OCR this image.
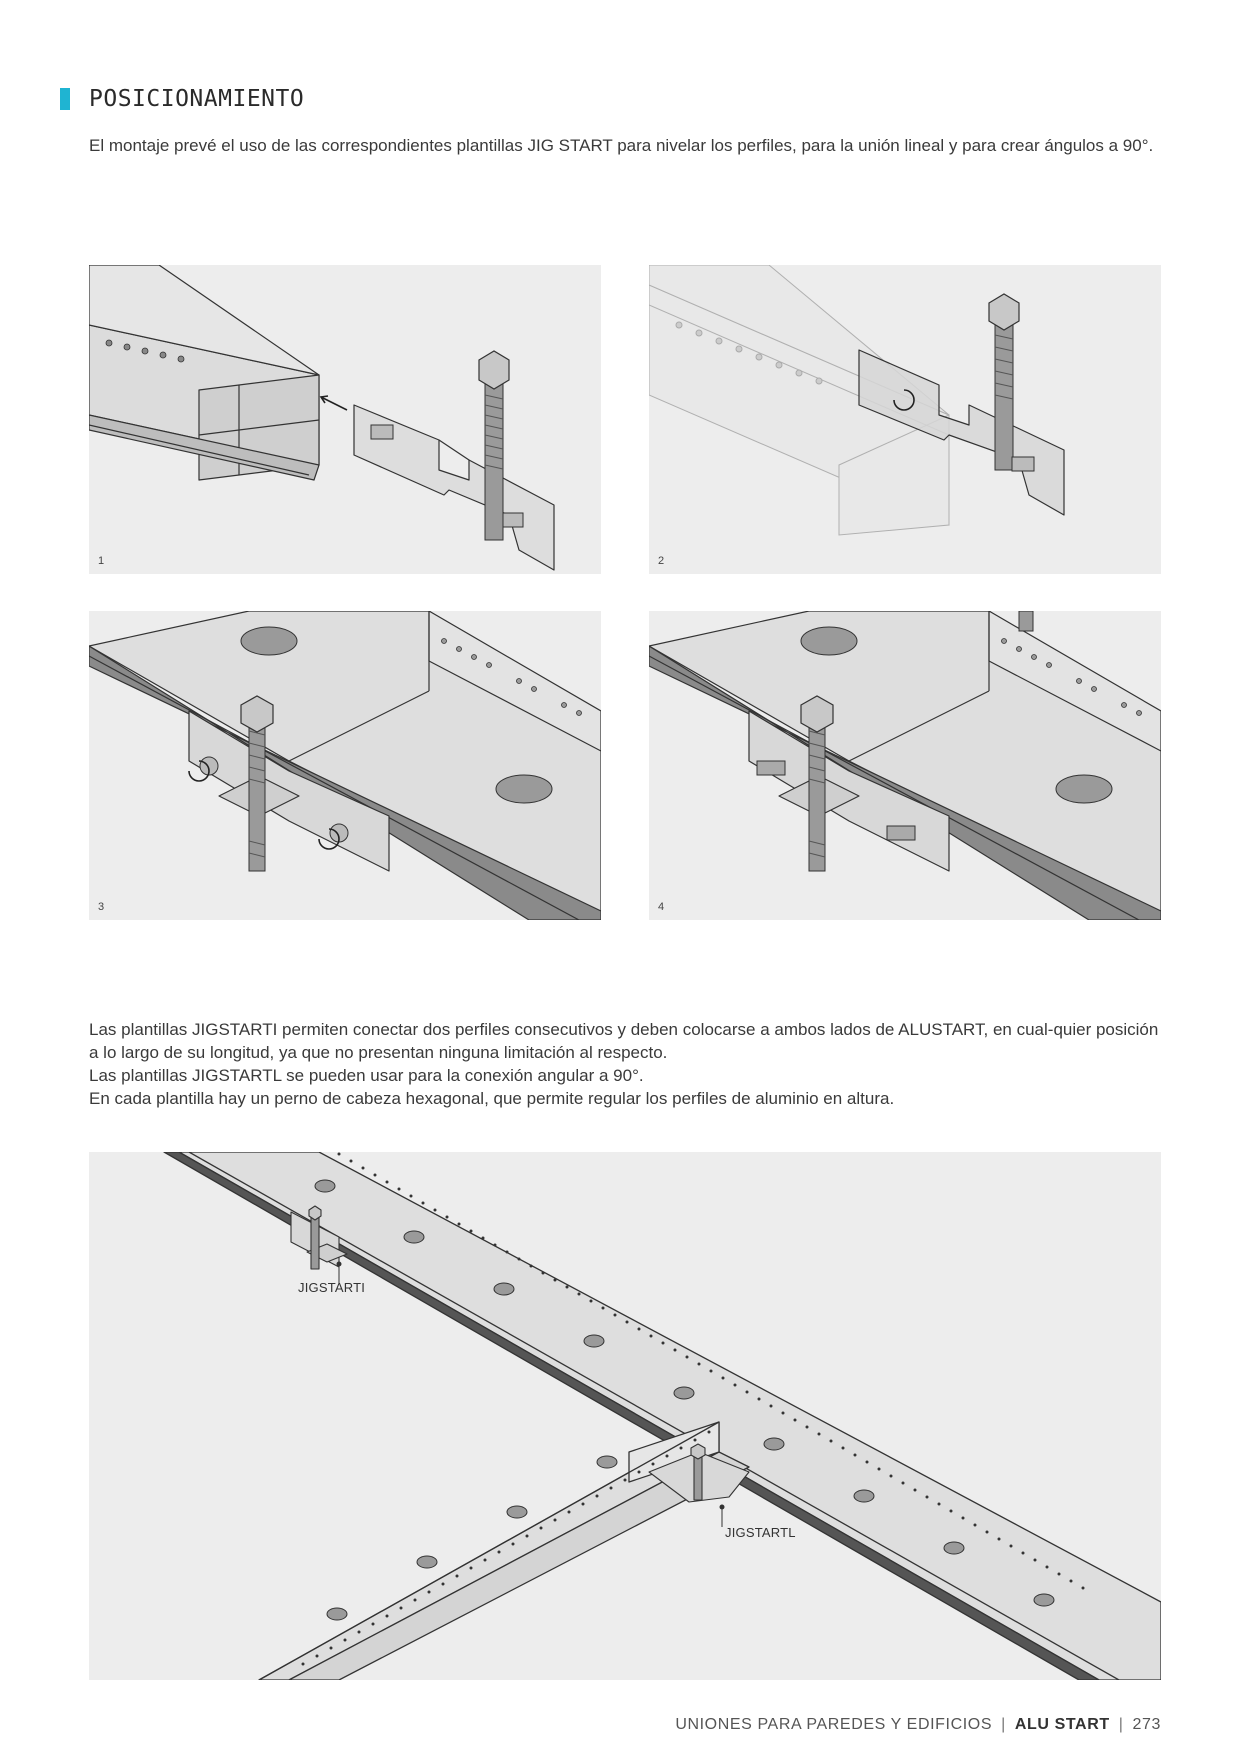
POSICIONAMIENTO
El montaje prevé el uso de las correspondientes plantillas JIG START para nivelar los perfiles, para la unión lineal y para crear ángulos a 90°.
1	2
3	4

Las plantillas JIGSTARTI permiten conectar dos perfiles consecutivos y deben colocarse a ambos lados de ALUSTART, en cual-quier posición a lo largo de su longitud, ya que no presentan ninguna limitación al respecto.

Las plantillas JIGSTARTL se pueden usar para la conexión angular a 90°.

En cada plantilla hay un perno de cabeza hexagonal, que permite regular los perfiles de aluminio en altura.

JIGSTARTI
JIGSTARTL
UNIONES PARA PAREDES Y EDIFICIOS | ALU START | 273
